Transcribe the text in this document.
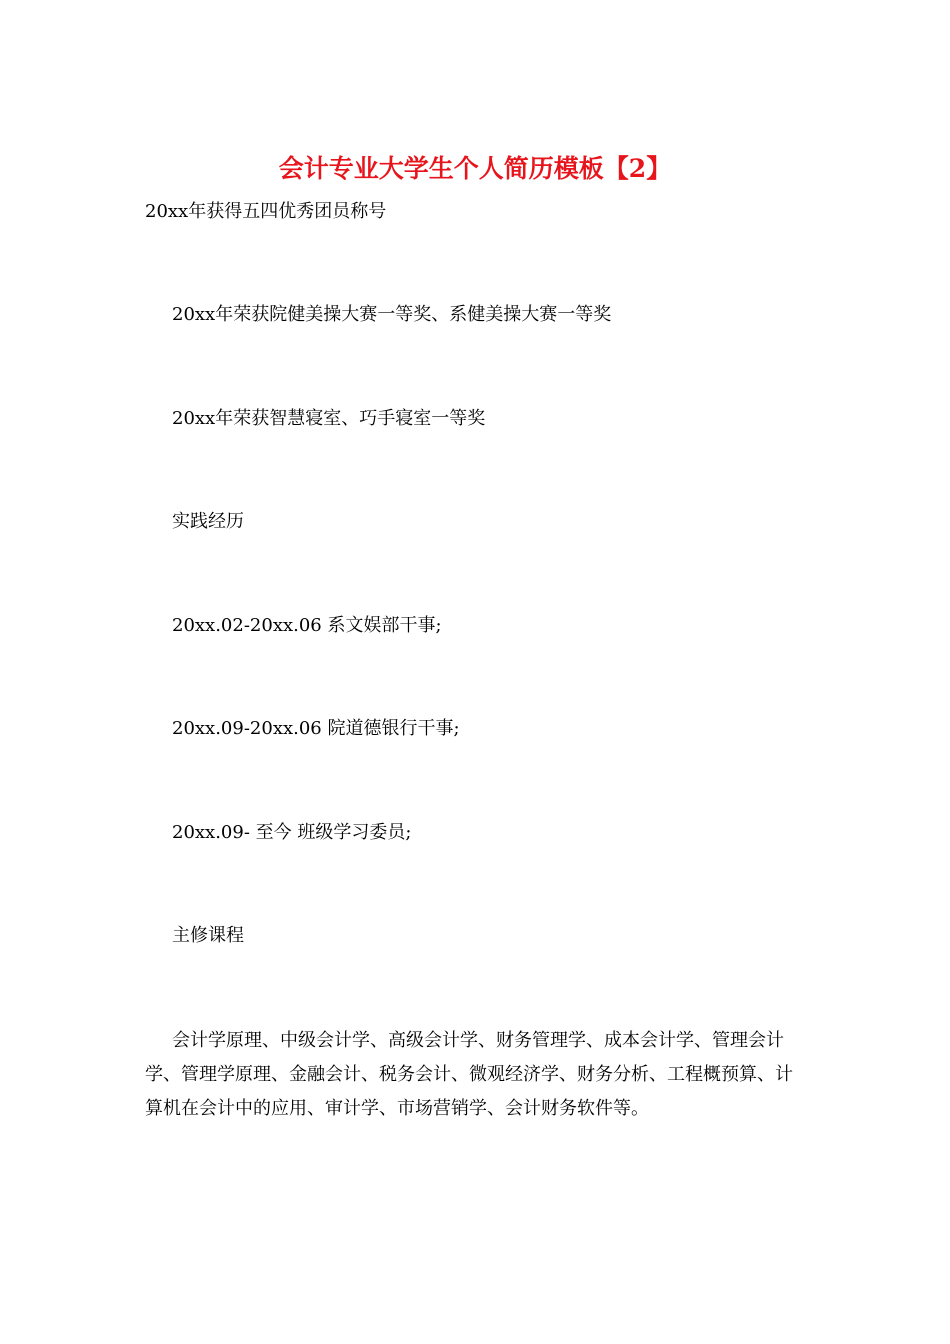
会计专业大学生个人简历模板【2】
20xx年获得五四优秀团员称号
20xx年荣获院健美操大赛一等奖、系健美操大赛一等奖
20xx年荣获智慧寝室、巧手寝室一等奖
实践经历
20xx.02-20xx.06 系文娱部干事;
20xx.09-20xx.06 院道德银行干事;
20xx.09- 至今 班级学习委员;
主修课程
会计学原理、中级会计学、高级会计学、财务管理学、成本会计学、管理会计学、管理学原理、金融会计、税务会计、微观经济学、财务分析、工程概预算、计算机在会计中的应用、审计学、市场营销学、会计财务软件等。
